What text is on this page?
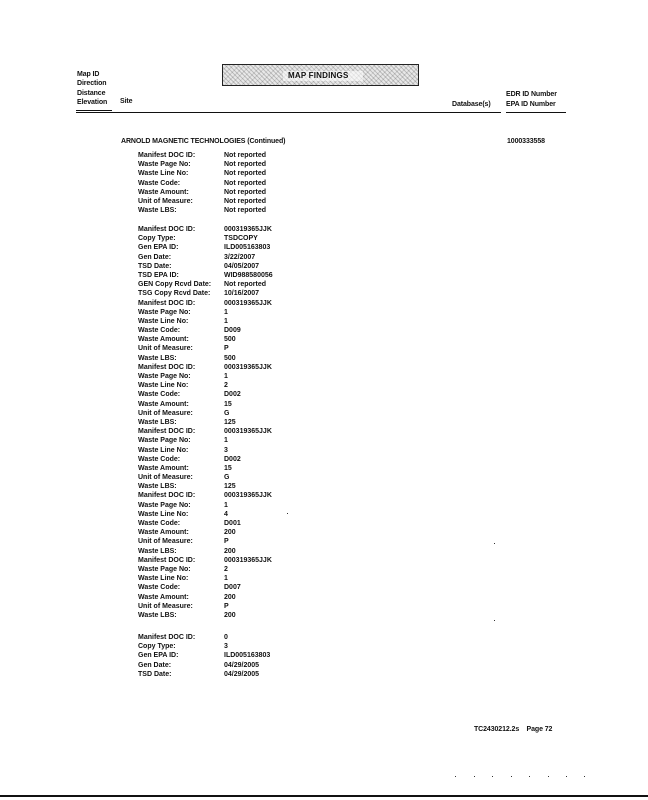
Map ID
Direction
Distance
Elevation Site
MAP FINDINGS
Database(s)
EDR ID Number
EPA ID Number
ARNOLD MAGNETIC TECHNOLOGIES (Continued)	1000333558
Manifest DOC ID:	Not reported
Waste Page No:	Not reported
Waste Line No:	Not reported
Waste Code:	Not reported
Waste Amount:	Not reported
Unit of Measure:	Not reported
Waste LBS:	Not reported
Manifest DOC ID:	000319365JJK
Copy Type:	TSDCOPY
Gen EPA ID:	ILD005163803
Gen Date:	3/22/2007
TSD Date:	04/05/2007
TSD EPA ID:	WID988580056
GEN Copy Rcvd Date: Not reported
TSG Copy Rcvd Date: 10/16/2007
Manifest DOC ID:	000319365JJK
Waste Page No:	1
Waste Line No:	1
Waste Code:	D009
Waste Amount:	500
Unit of Measure:	P
Waste LBS:	500
Manifest DOC ID:	000319365JJK
Waste Page No:	1
Waste Line No:	2
Waste Code:	D002
Waste Amount:	15
Unit of Measure:	G
Waste LBS:	125
Manifest DOC ID:	000319365JJK
Waste Page No:	1
Waste Line No:	3
Waste Code:	D002
Waste Amount:	15
Unit of Measure:	G
Waste LBS:	125
Manifest DOC ID:	000319365JJK
Waste Page No:	1
Waste Line No:	4
Waste Code:	D001
Waste Amount:	200
Unit of Measure:	P
Waste LBS:	200
Manifest DOC ID:	000319365JJK
Waste Page No:	2
Waste Line No:	1
Waste Code:	D007
Waste Amount:	200
Unit of Measure:	P
Waste LBS:	200
Manifest DOC ID:	0
Copy Type:	3
Gen EPA ID:	ILD005163803
Gen Date:	04/29/2005
TSD Date:	04/29/2005
TC2430212.2s Page 72
